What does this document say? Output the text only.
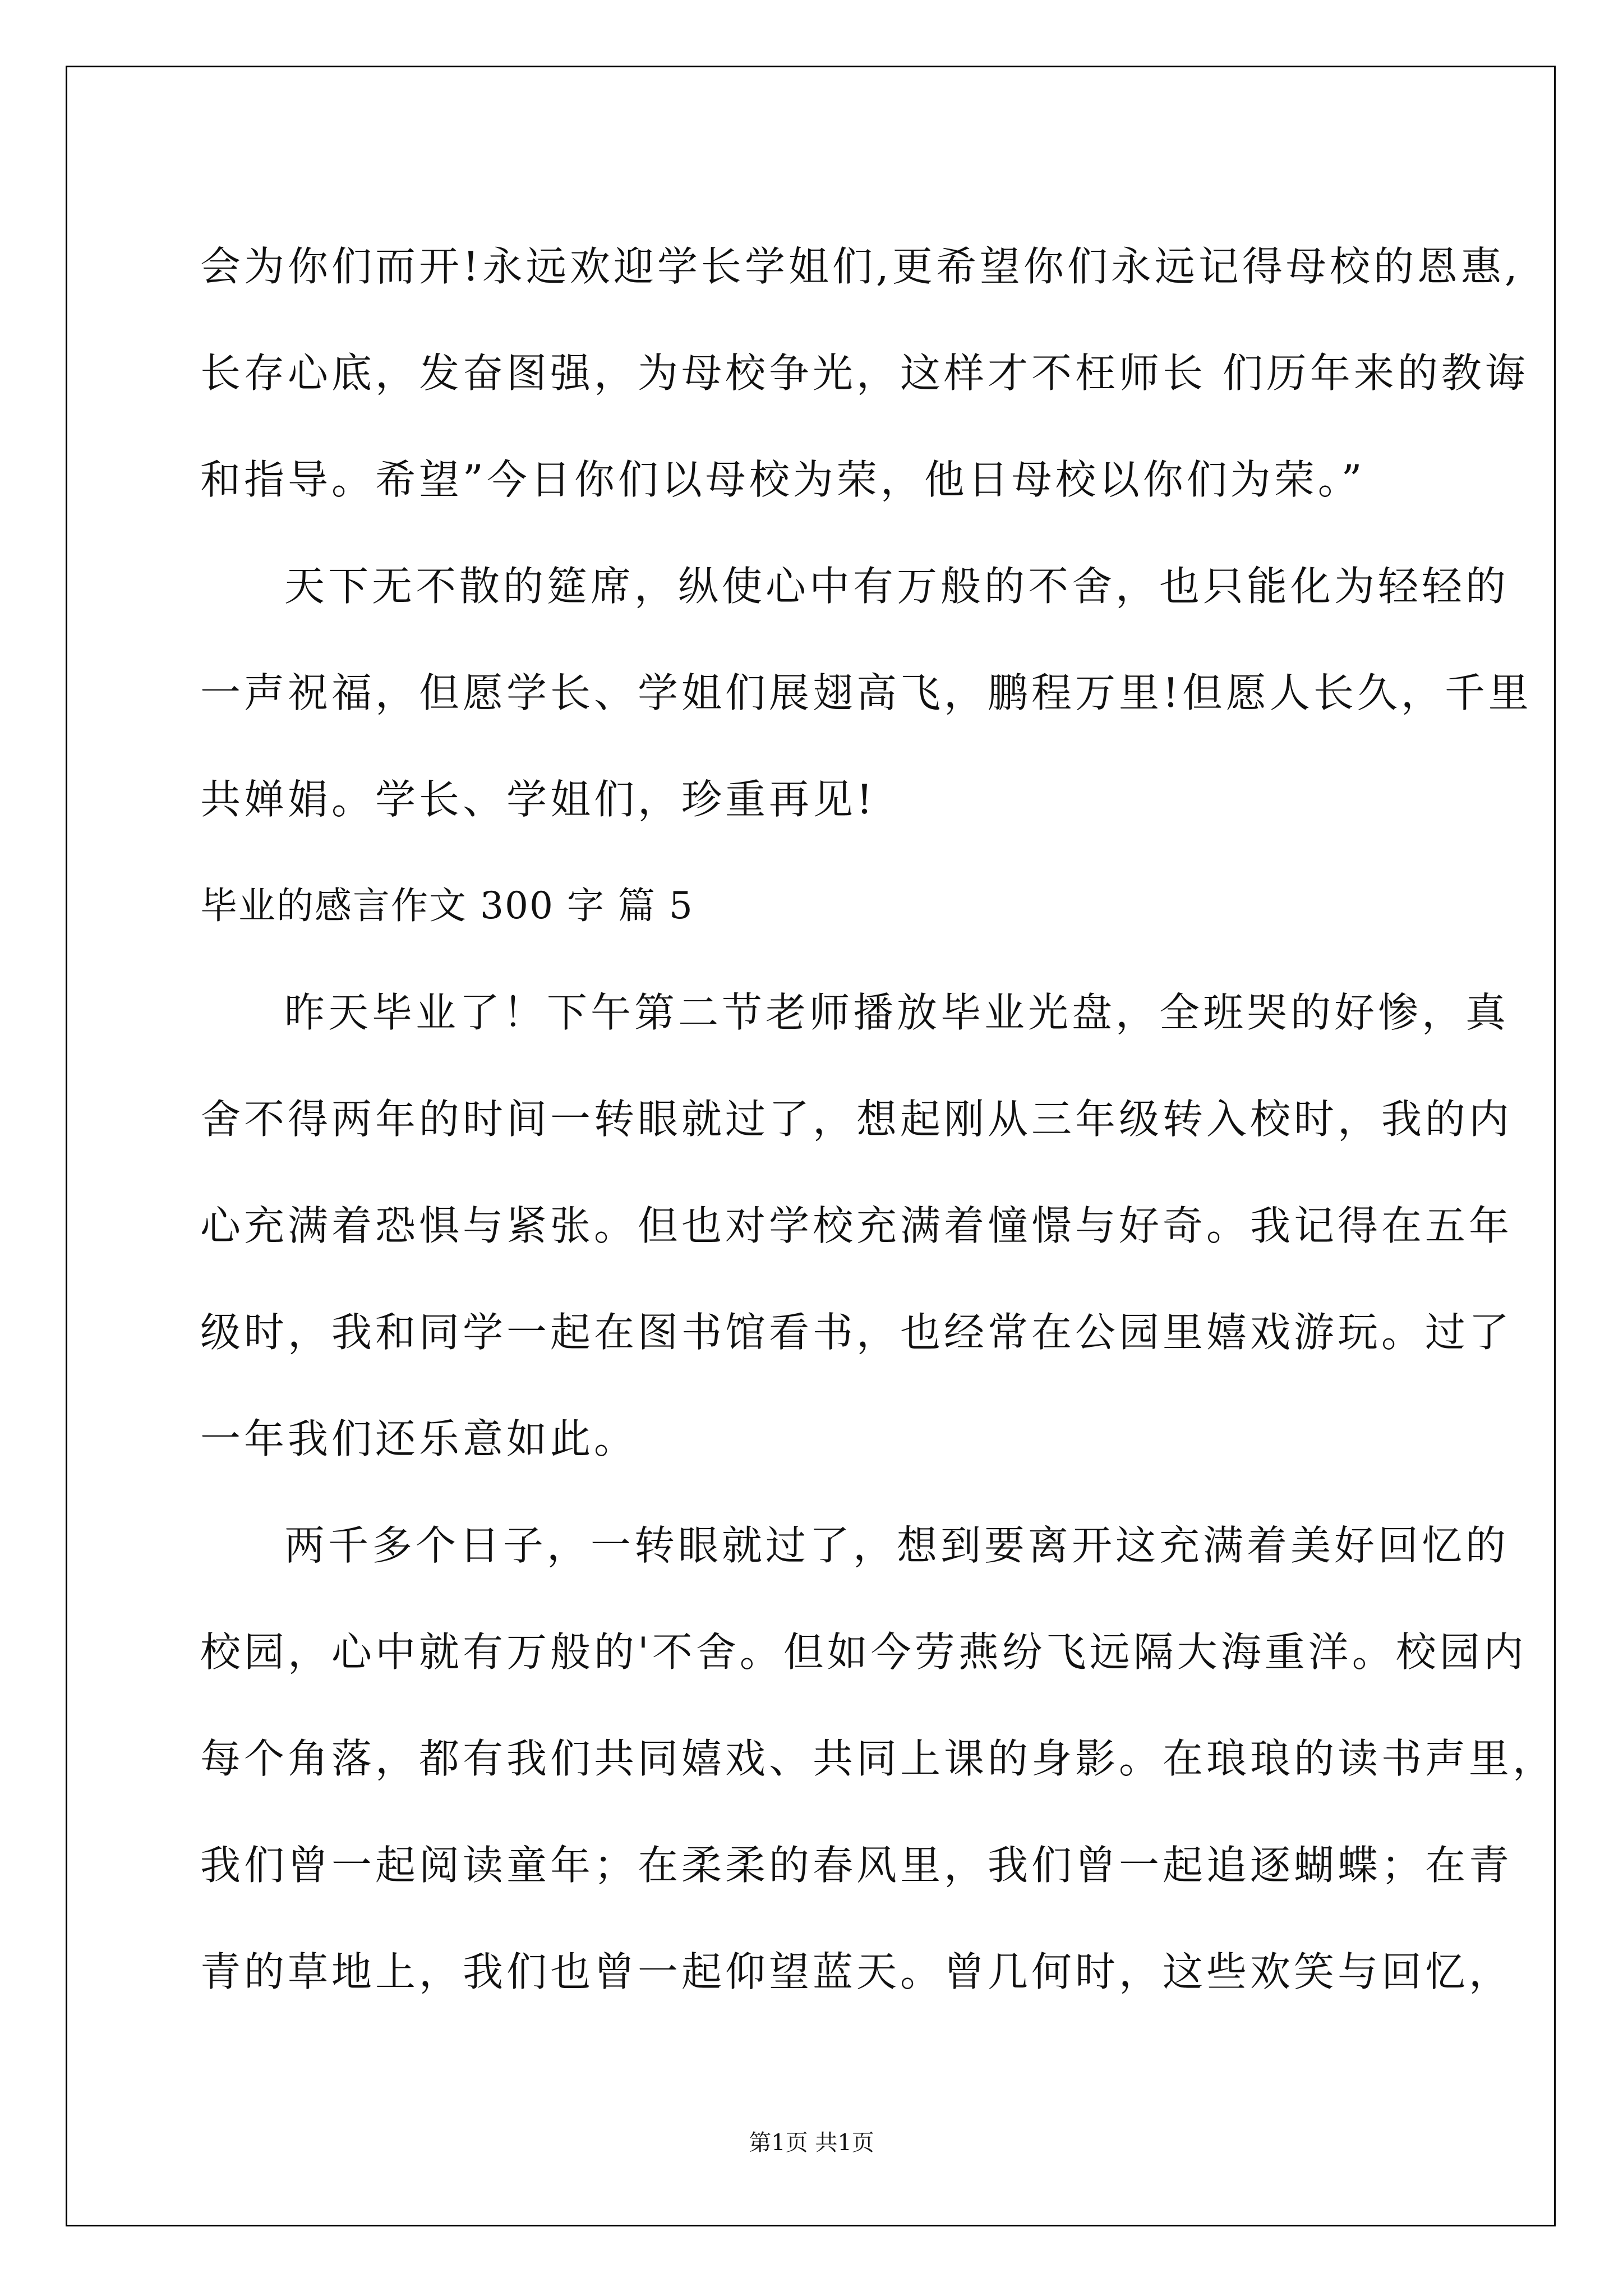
会为你们而开!永远欢迎学长学姐们,更希望你们永远记得母校的恩惠,
长存心底，发奋图强，为母校争光，这样才不枉师长 们历年来的教诲
和指导。希望”今日你们以母校为荣，他日母校以你们为荣。”
天下无不散的筵席，纵使心中有万般的不舍，也只能化为轻轻的
一声祝福，但愿学长、学姐们展翅高飞，鹏程万里!但愿人长久，千里
共婵娟。学长、学姐们，珍重再见!
毕业的感言作文 300 字 篇 5
昨天毕业了！下午第二节老师播放毕业光盘，全班哭的好惨，真
舍不得两年的时间一转眼就过了，想起刚从三年级转入校时，我的内
心充满着恐惧与紧张。但也对学校充满着憧憬与好奇。我记得在五年
级时，我和同学一起在图书馆看书，也经常在公园里嬉戏游玩。过了
一年我们还乐意如此。
两千多个日子，一转眼就过了，想到要离开这充满着美好回忆的
校园，心中就有万般的'不舍。但如今劳燕纷飞远隔大海重洋。校园内
每个角落，都有我们共同嬉戏、共同上课的身影。在琅琅的读书声里，
我们曾一起阅读童年；在柔柔的春风里，我们曾一起追逐蝴蝶；在青
青的草地上，我们也曾一起仰望蓝天。曾几何时，这些欢笑与回忆，
第1页 共1页
